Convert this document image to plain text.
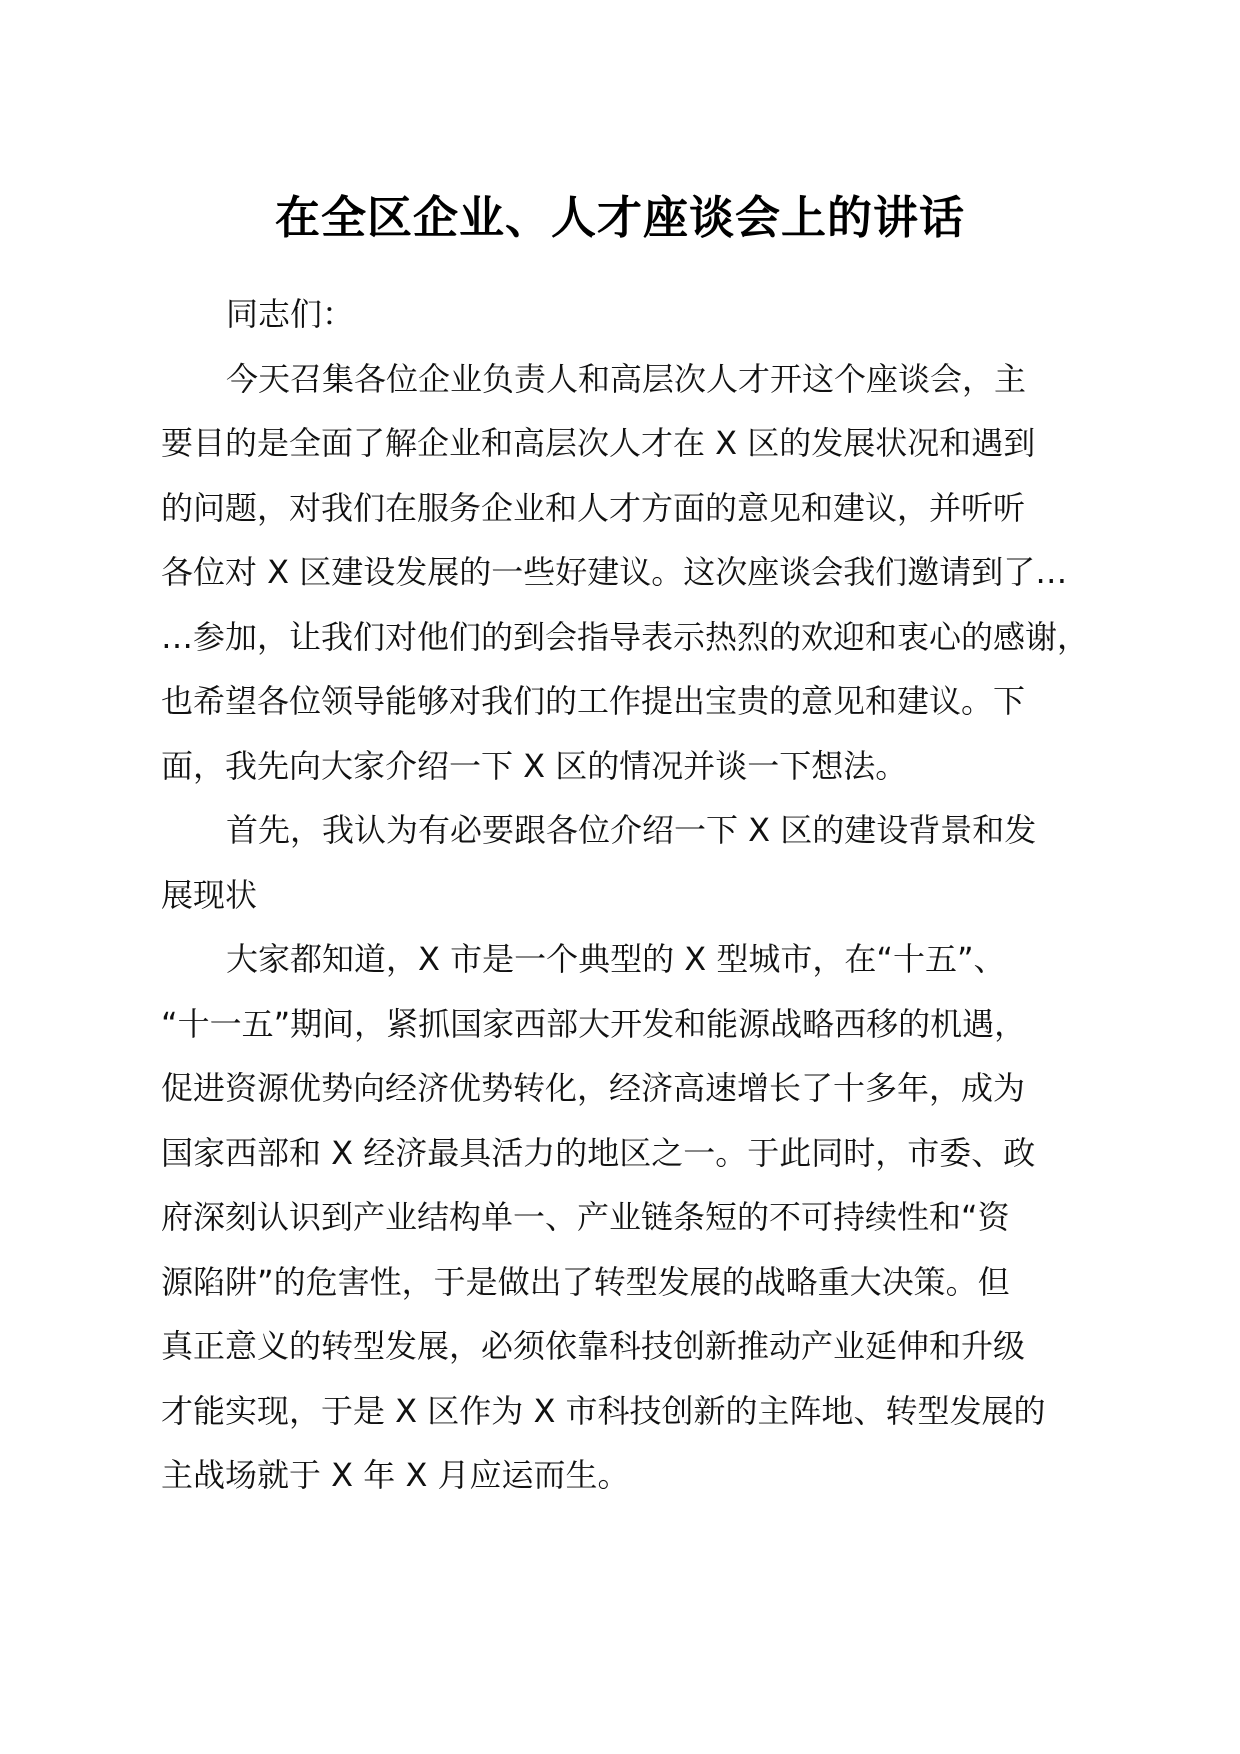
在全区企业、人才座谈会上的讲话
同志们：
今天召集各位企业负责人和高层次人才开这个座谈会，主
要目的是全面了解企业和高层次人才在 X 区的发展状况和遇到
的问题，对我们在服务企业和人才方面的意见和建议，并听听
各位对 X 区建设发展的一些好建议。这次座谈会我们邀请到了…
…参加，让我们对他们的到会指导表示热烈的欢迎和衷心的感谢，
也希望各位领导能够对我们的工作提出宝贵的意见和建议。下
面，我先向大家介绍一下 X 区的情况并谈一下想法。
首先，我认为有必要跟各位介绍一下 X 区的建设背景和发
展现状
大家都知道，X 市是一个典型的 X 型城市，在“十五”、
“十一五”期间，紧抓国家西部大开发和能源战略西移的机遇，
促进资源优势向经济优势转化，经济高速增长了十多年，成为
国家西部和 X 经济最具活力的地区之一。于此同时，市委、政
府深刻认识到产业结构单一、产业链条短的不可持续性和“资
源陷阱”的危害性，于是做出了转型发展的战略重大决策。但
真正意义的转型发展，必须依靠科技创新推动产业延伸和升级
才能实现，于是 X 区作为 X 市科技创新的主阵地、转型发展的
主战场就于 X 年 X 月应运而生。
